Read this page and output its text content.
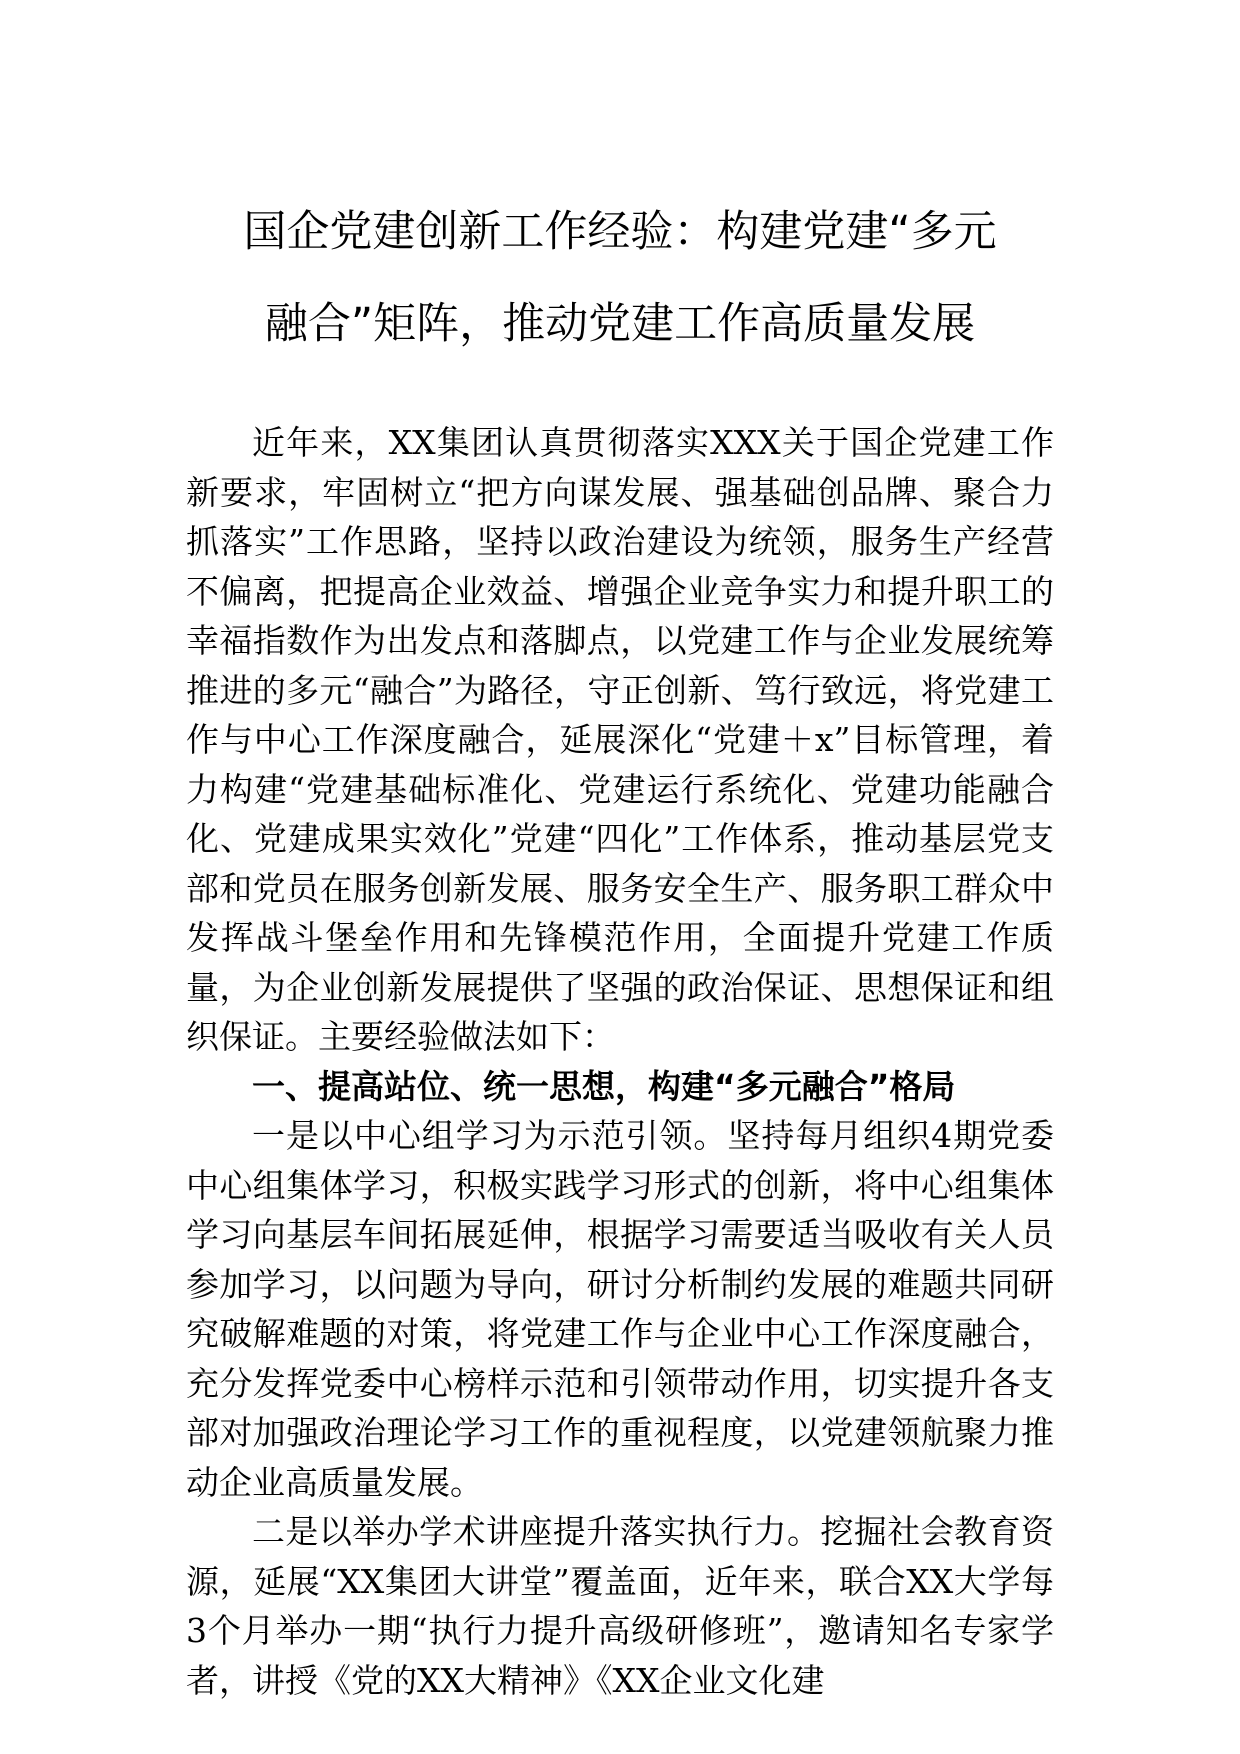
国企党建创新工作经验：构建党建“多元
融合”矩阵，推动党建工作高质量发展

近年来，XX集团认真贯彻落实XXX关于国企党建工作新要求，牢固树立“把方向谋发展、强基础创品牌、聚合力抓落实”工作思路，坚持以政治建设为统领，服务生产经营不偏离，把提高企业效益、增强企业竞争实力和提升职工的幸福指数作为出发点和落脚点，以党建工作与企业发展统筹推进的多元“融合”为路径，守正创新、笃行致远，将党建工作与中心工作深度融合，延展深化“党建＋x”目标管理，着力构建“党建基础标准化、党建运行系统化、党建功能融合化、党建成果实效化”党建“四化”工作体系，推动基层党支部和党员在服务创新发展、服务安全生产、服务职工群众中发挥战斗堡垒作用和先锋模范作用，全面提升党建工作质量，为企业创新发展提供了坚强的政治保证、思想保证和组织保证。主要经验做法如下：

一、提高站位、统一思想，构建“多元融合”格局

一是以中心组学习为示范引领。坚持每月组织4期党委中心组集体学习，积极实践学习形式的创新，将中心组集体学习向基层车间拓展延伸，根据学习需要适当吸收有关人员参加学习，以问题为导向，研讨分析制约发展的难题共同研究破解难题的对策，将党建工作与企业中心工作深度融合，充分发挥党委中心榜样示范和引领带动作用，切实提升各支部对加强政治理论学习工作的重视程度，以党建领航聚力推动企业高质量发展。

二是以举办学术讲座提升落实执行力。挖掘社会教育资源，延展“XX集团大讲堂”覆盖面，近年来，联合XX大学每3个月举办一期“执行力提升高级研修班”，邀请知名专家学者，讲授《党的XX大精神》《XX企业文化建
